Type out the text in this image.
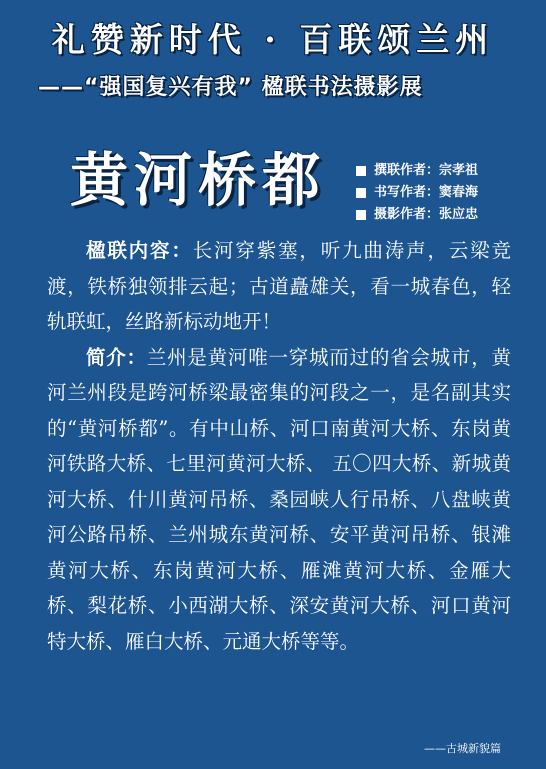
礼赞新时代 · 百联颂兰州
——“强国复兴有我” 楹联书法摄影展
黄河桥都	撰联作者： 宗孝祖
书写作者： 窦春海
摄影作者： 张应忠

楹联内容：长河穿紫塞，听九曲涛声，云梁竞渡，铁桥独领排云起；古道矗雄关，看一城春色，轻轨联虹，丝路新标动地开！

简介：兰州是黄河唯一穿城而过的省会城市，黄河兰州段是跨河桥梁最密集的河段之一，是名副其实的“黄河桥都”。有中山桥、河口南黄河大桥、东岗黄河铁路大桥、七里河黄河大桥、 五〇四大桥、新城黄河大桥、什川黄河吊桥、桑园峡人行吊桥、八盘峡黄河公路吊桥、兰州城东黄河桥、安平黄河吊桥、银滩黄河大桥、东岗黄河大桥、雁滩黄河大桥、金雁大桥、梨花桥、小西湖大桥、深安黄河大桥、河口黄河特大桥、雁白大桥、元通大桥等等。

——古城新貌篇
